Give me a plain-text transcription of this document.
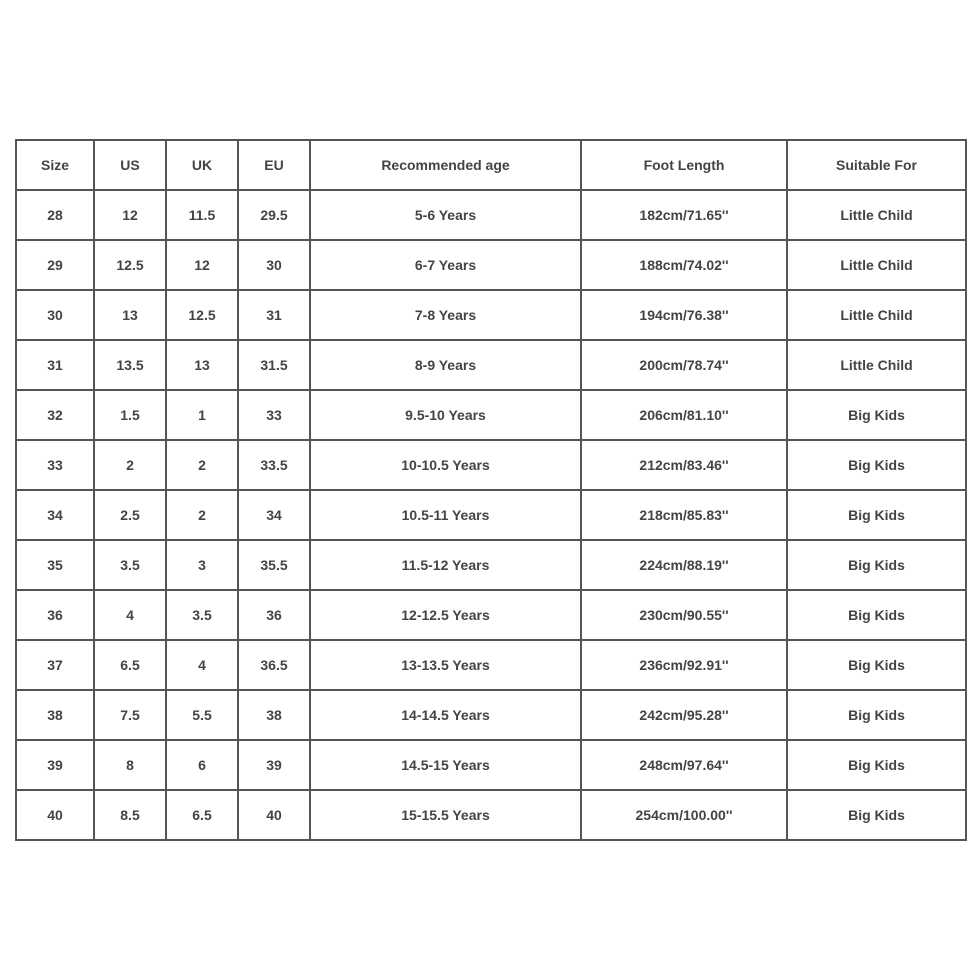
Size	US	UK	EU	Recommended age	Foot Length	Suitable For
28	12	11.5	29.5	5-6 Years	182cm/71.65''	Little Child
29	12.5	12	30	6-7 Years	188cm/74.02''	Little Child
30	13	12.5	31	7-8 Years	194cm/76.38''	Little Child
31	13.5	13	31.5	8-9 Years	200cm/78.74''	Little Child
32	1.5	1	33	9.5-10 Years	206cm/81.10''	Big Kids
33	2	2	33.5	10-10.5 Years	212cm/83.46''	Big Kids
34	2.5	2	34	10.5-11 Years	218cm/85.83''	Big Kids
35	3.5	3	35.5	11.5-12 Years	224cm/88.19''	Big Kids
36	4	3.5	36	12-12.5 Years	230cm/90.55''	Big Kids
37	6.5	4	36.5	13-13.5 Years	236cm/92.91''	Big Kids
38	7.5	5.5	38	14-14.5 Years	242cm/95.28''	Big Kids
39	8	6	39	14.5-15 Years	248cm/97.64''	Big Kids
40	8.5	6.5	40	15-15.5 Years	254cm/100.00''	Big Kids
